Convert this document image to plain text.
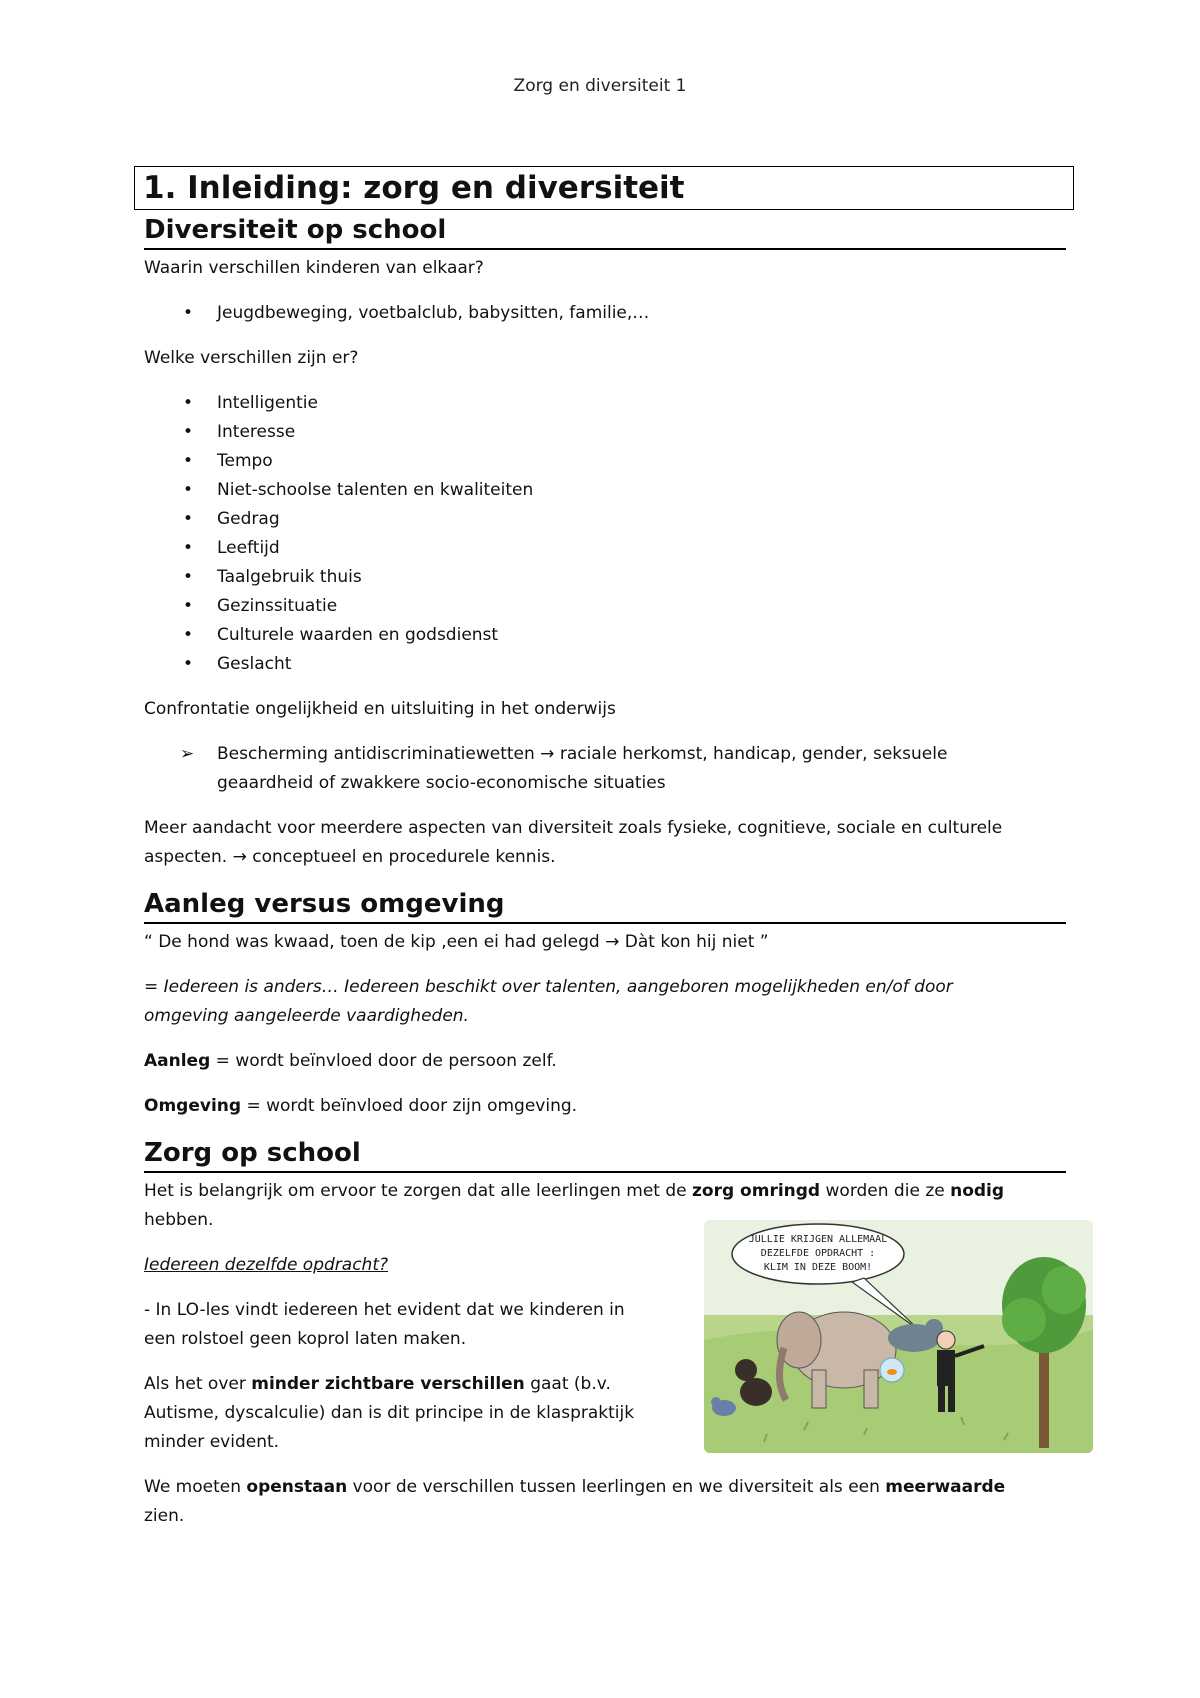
Zorg en diversiteit 1
1. Inleiding: zorg en diversiteit
Diversiteit op school

Waarin verschillen kinderen van elkaar?

• Jeugdbeweging, voetbalclub, babysitten, familie,…

Welke verschillen zijn er?

• Intelligentie
• Interesse
• Tempo
• Niet-schoolse talenten en kwaliteiten
• Gedrag
• Leeftijd
• Taalgebruik thuis
• Gezinssituatie
• Culturele waarden en godsdienst
• Geslacht

Confrontatie ongelijkheid en uitsluiting in het onderwijs

➢ Bescherming antidiscriminatiewetten → raciale herkomst, handicap, gender, seksuele
geaardheid of zwakkere socio-economische situaties

Meer aandacht voor meerdere aspecten van diversiteit zoals fysieke, cognitieve, sociale en culturele
aspecten. → conceptueel en procedurele kennis.

Aanleg versus omgeving

“ De hond was kwaad, toen de kip ,een ei had gelegd → Dàt kon hij niet ”

= Iedereen is anders… Iedereen beschikt over talenten, aangeboren mogelijkheden en/of door
omgeving aangeleerde vaardigheden.

Aanleg = wordt beïnvloed door de persoon zelf.

Omgeving = wordt beïnvloed door zijn omgeving.

Zorg op school

Het is belangrijk om ervoor te zorgen dat alle leerlingen met de zorg omringd worden die ze nodig
hebben.

Iedereen dezelfde opdracht?

- In LO-les vindt iedereen het evident dat we kinderen in
een rolstoel geen koprol laten maken.

Als het over minder zichtbare verschillen gaat (b.v.
Autisme, dyscalculie) dan is dit principe in de klaspraktijk
minder evident.

JULLIE KRIJGEN ALLEMAAL
DEZELFDE OPDRACHT :
KLIM IN DEZE BOOM!

We moeten openstaan voor de verschillen tussen leerlingen en we diversiteit als een meerwaarde
zien.
